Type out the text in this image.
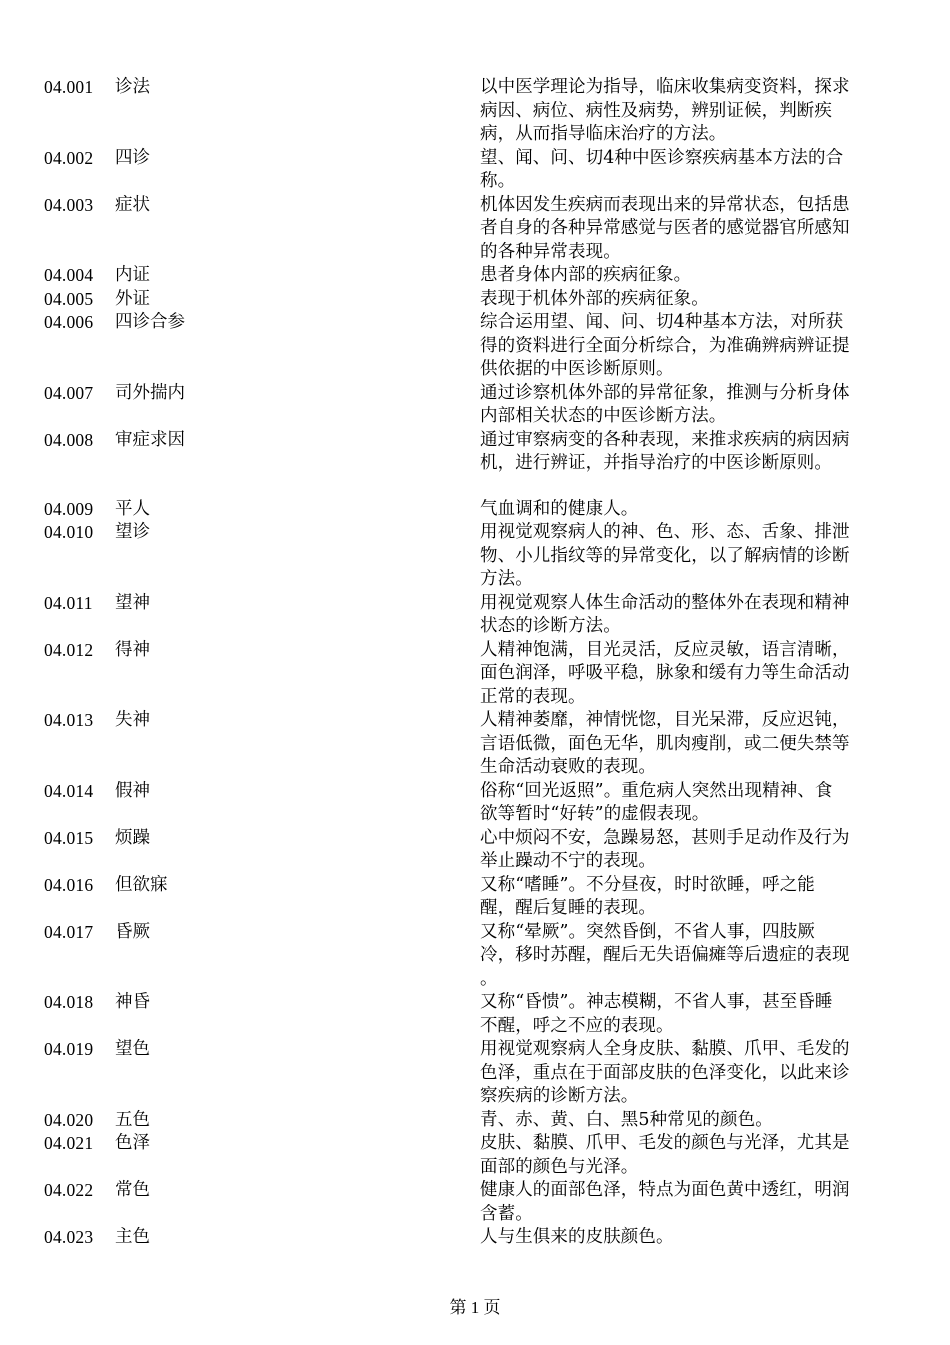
04.001 诊法	以中医学理论为指导，临床收集病变资料，探求
病因、病位、病性及病势，辨别证候，判断疾
病，从而指导临床治疗的方法。
04.002 四诊	望、闻、问、切4种中医诊察疾病基本方法的合
称。
04.003 症状	机体因发生疾病而表现出来的异常状态，包括患
者自身的各种异常感觉与医者的感觉器官所感知
的各种异常表现。
04.004 内证	患者身体内部的疾病征象。
04.005 外证	表现于机体外部的疾病征象。
04.006 四诊合参	综合运用望、闻、问、切4种基本方法，对所获
得的资料进行全面分析综合，为准确辨病辨证提
供依据的中医诊断原则。
04.007 司外揣内	通过诊察机体外部的异常征象，推测与分析身体
内部相关状态的中医诊断方法。
04.008 审症求因	通过审察病变的各种表现，来推求疾病的病因病
机，进行辨证，并指导治疗的中医诊断原则。
04.009 平人	气血调和的健康人。
04.010 望诊	用视觉观察病人的神、色、形、态、舌象、排泄
物、小儿指纹等的异常变化，以了解病情的诊断
方法。
04.011 望神	用视觉观察人体生命活动的整体外在表现和精神
状态的诊断方法。
04.012 得神	人精神饱满，目光灵活，反应灵敏，语言清晰，
面色润泽，呼吸平稳，脉象和缓有力等生命活动
正常的表现。
04.013 失神	人精神萎靡，神情恍惚，目光呆滞，反应迟钝，
言语低微，面色无华，肌肉瘦削，或二便失禁等
生命活动衰败的表现。
04.014 假神	俗称“回光返照”。重危病人突然出现精神、食
欲等暂时“好转”的虚假表现。
04.015 烦躁	心中烦闷不安，急躁易怒，甚则手足动作及行为
举止躁动不宁的表现。
04.016 但欲寐	又称“嗜睡”。不分昼夜，时时欲睡，呼之能
醒，醒后复睡的表现。
04.017 昏厥	又称“晕厥”。突然昏倒，不省人事，四肢厥
冷，移时苏醒，醒后无失语偏瘫等后遗症的表现
。
04.018 神昏	又称“昏愦”。神志模糊，不省人事，甚至昏睡
不醒，呼之不应的表现。
04.019 望色	用视觉观察病人全身皮肤、黏膜、爪甲、毛发的
色泽，重点在于面部皮肤的色泽变化，以此来诊
察疾病的诊断方法。
04.020 五色	青、赤、黄、白、黑5种常见的颜色。
04.021 色泽	皮肤、黏膜、爪甲、毛发的颜色与光泽，尤其是
面部的颜色与光泽。
04.022 常色	健康人的面部色泽，特点为面色黄中透红，明润
含蓄。
04.023 主色	人与生俱来的皮肤颜色。
第 1 页
